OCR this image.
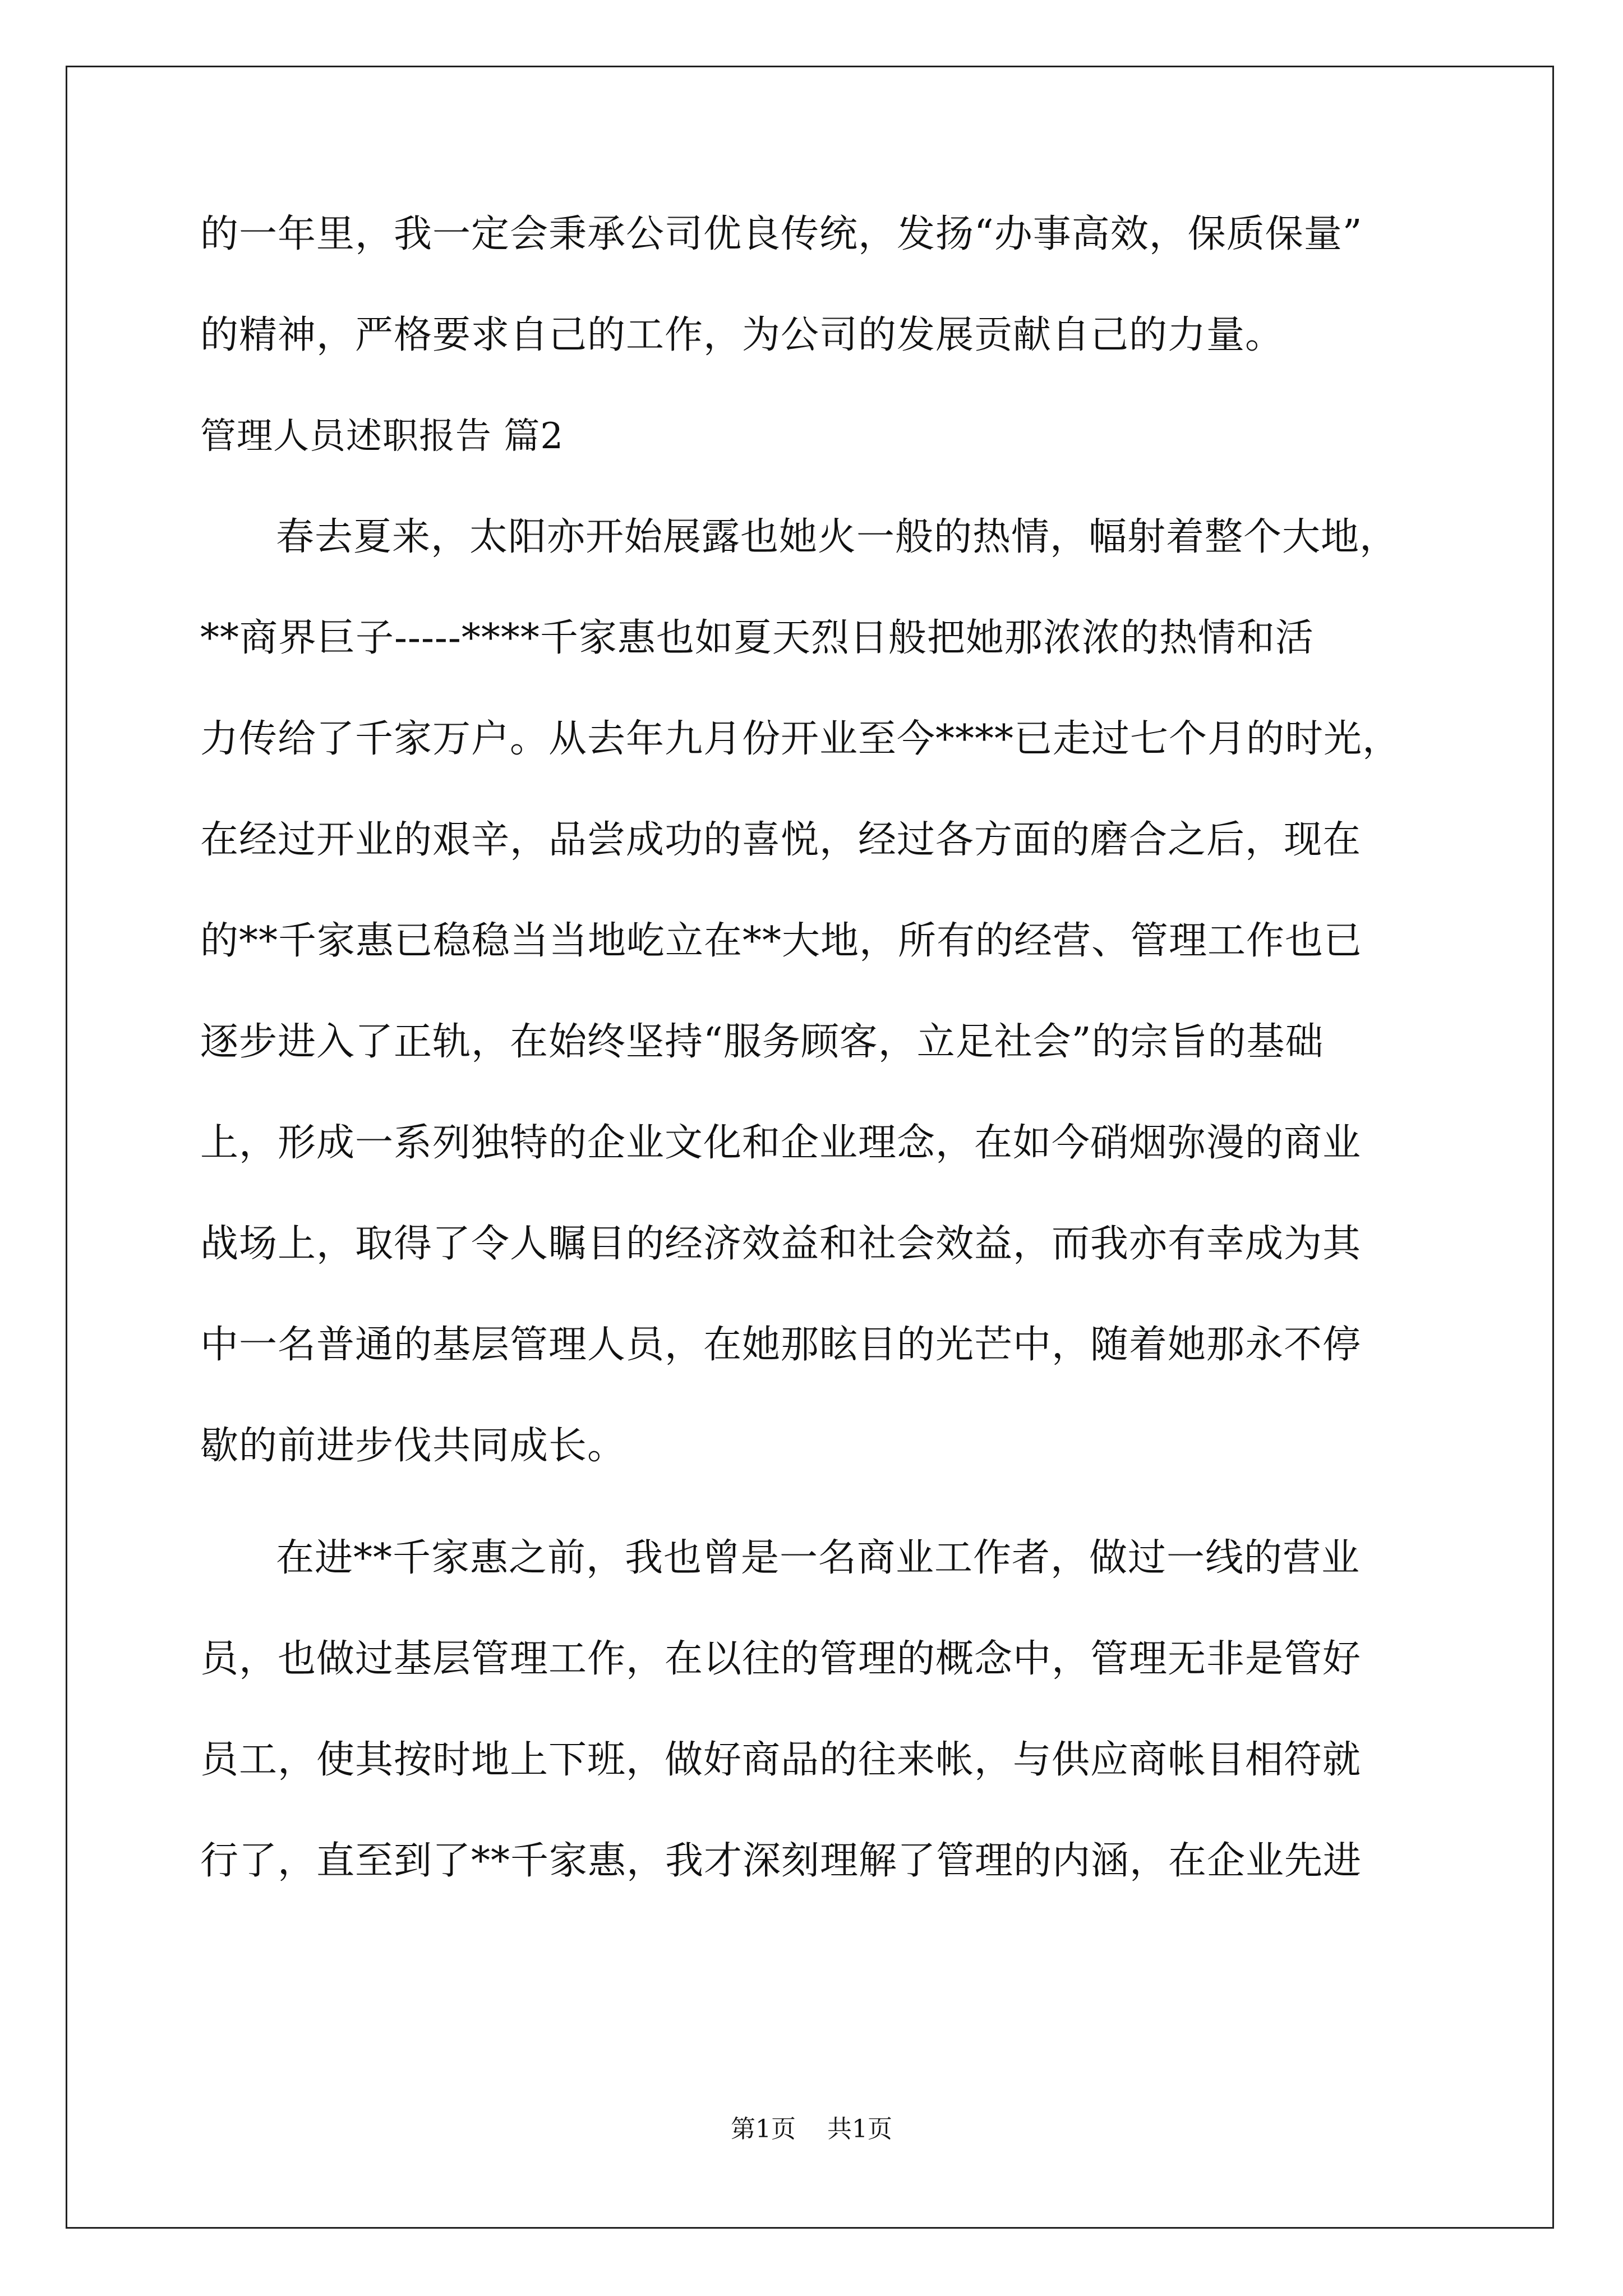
的一年里，我一定会秉承公司优良传统，发扬“办事高效，保质保量”
的精神，严格要求自己的工作，为公司的发展贡献自己的力量。
管理人员述职报告 篇2
春去夏来，太阳亦开始展露也她火一般的热情，幅射着整个大地，
**商界巨子-----****千家惠也如夏天烈日般把她那浓浓的热情和活
力传给了千家万户。从去年九月份开业至今****已走过七个月的时光，
在经过开业的艰辛，品尝成功的喜悦，经过各方面的磨合之后，现在
的**千家惠已稳稳当当地屹立在**大地，所有的经营、管理工作也已
逐步进入了正轨，在始终坚持“服务顾客，立足社会”的宗旨的基础
上，形成一系列独特的企业文化和企业理念，在如今硝烟弥漫的商业
战场上，取得了令人瞩目的经济效益和社会效益，而我亦有幸成为其
中一名普通的基层管理人员，在她那眩目的光芒中，随着她那永不停
歇的前进步伐共同成长。
在进**千家惠之前，我也曾是一名商业工作者，做过一线的营业
员，也做过基层管理工作，在以往的管理的概念中，管理无非是管好
员工，使其按时地上下班，做好商品的往来帐，与供应商帐目相符就
行了，直至到了**千家惠，我才深刻理解了管理的内涵，在企业先进
第1页    共1页
